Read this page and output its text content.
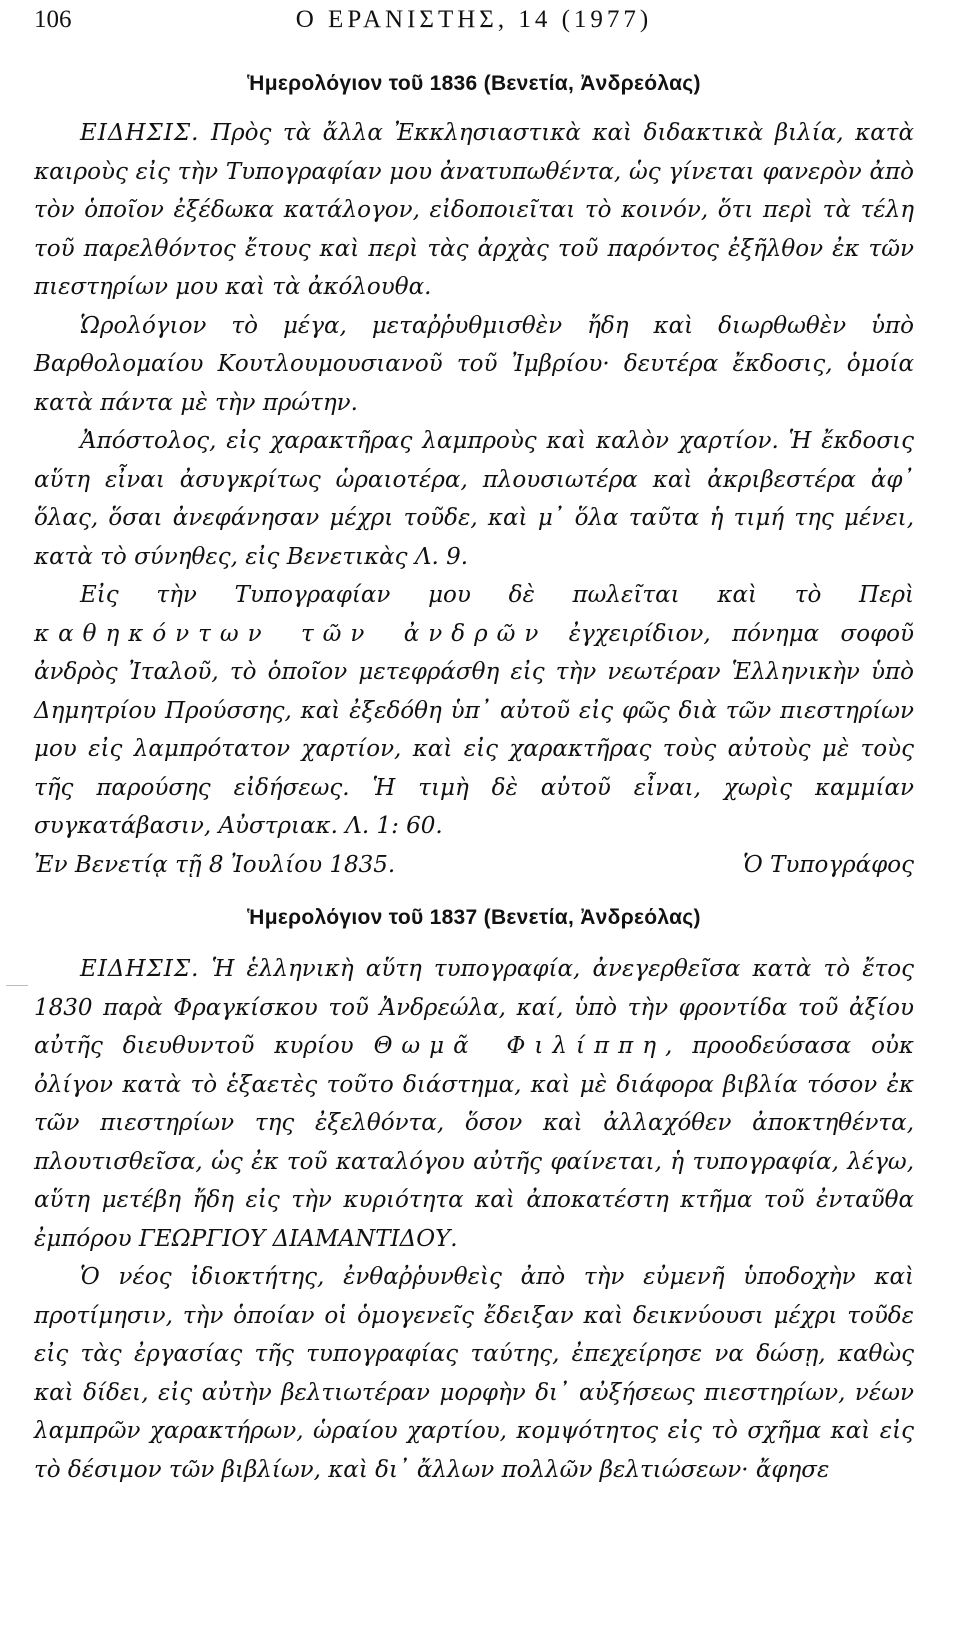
106	Ο ΕΡΑΝΙΣΤΗΣ, 14 (1977)
Ἡμερολόγιον τοῦ 1836 (Βενετία, Ἀνδρεόλας)

ΕΙΔΗΣΙΣ. Πρὸς τὰ ἄλλα Ἐκκλησιαστικὰ καὶ διδακτικὰ βιλία, κατὰ καιροὺς εἰς τὴν Τυπογραφίαν μου ἀνατυπωθέντα, ὡς γίνεται φανερὸν ἀπὸ τὸν ὁποῖον ἐξέδωκα κατάλογον, εἰδοποιεῖται τὸ κοινόν, ὅτι περὶ τὰ τέλη τοῦ παρελθόντος ἔτους καὶ περὶ τὰς ἀρχὰς τοῦ παρόντος ἐξῆλθον ἐκ τῶν πιεστηρίων μου καὶ τὰ ἀκόλουθα.

Ὡρολόγιον τὸ μέγα, μεταῤῥυθμισθὲν ἤδη καὶ διωρθωθὲν ὑπὸ Βαρθολομαίου Κουτλουμουσιανοῦ τοῦ Ἰμβρίου· δευτέρα ἔκδοσις, ὁμοία κατὰ πάντα μὲ τὴν πρώτην.

Ἀπόστολος, εἰς χαρακτῆρας λαμπροὺς καὶ καλὸν χαρτίον. Ἡ ἔκδοσις αὕτη εἶναι ἀσυγκρίτως ὡραιοτέρα, πλουσιωτέρα καὶ ἀκριβεστέρα ἀφ᾿ ὅλας, ὅσαι ἀνεφάνησαν μέχρι τοῦδε, καὶ μ᾿ ὅλα ταῦτα ἡ τιμή της μένει, κατὰ τὸ σύνηθες, εἰς Βενετικὰς Λ. 9.

Εἰς τὴν Τυπογραφίαν μου δὲ πωλεῖται καὶ τὸ Περὶ καθηκόντων τῶν ἀνδρῶν ἐγχειρίδιον, πόνημα σοφοῦ ἀνδρὸς Ἰταλοῦ, τὸ ὁποῖον μετεφράσθη εἰς τὴν νεωτέραν Ἑλληνικὴν ὑπὸ Δημητρίου Προύσσης, καὶ ἐξεδόθη ὑπ᾿ αὐτοῦ εἰς φῶς διὰ τῶν πιεστηρίων μου εἰς λαμπρότατον χαρτίον, καὶ εἰς χαρακτῆρας τοὺς αὐτοὺς μὲ τοὺς τῆς παρούσης εἰδήσεως. Ἡ τιμὴ δὲ αὐτοῦ εἶναι, χωρὶς καμμίαν συγκατάβασιν, Αὐστριακ. Λ. 1: 60.

Ἐν Βενετίᾳ τῇ 8 Ἰουλίου 1835.	Ὁ Τυπογράφος
Ἡμερολόγιον τοῦ 1837 (Βενετία, Ἀνδρεόλας)

ΕΙΔΗΣΙΣ. Ἡ ἑλληνικὴ αὕτη τυπογραφία, ἀνεγερθεῖσα κατὰ τὸ ἔτος 1830 παρὰ Φραγκίσκου τοῦ Ἀνδρεώλα, καί, ὑπὸ τὴν φροντίδα τοῦ ἀξίου αὐτῆς διευθυντοῦ κυρίου Θωμᾶ Φιλίππη, προοδεύσασα οὐκ ὀλίγον κατὰ τὸ ἑξαετὲς τοῦτο διάστημα, καὶ μὲ διάφορα βιβλία τόσον ἐκ τῶν πιεστηρίων της ἐξελθόντα, ὅσον καὶ ἀλλαχόθεν ἀποκτηθέντα, πλουτισθεῖσα, ὡς ἐκ τοῦ καταλόγου αὐτῆς φαίνεται, ἡ τυπογραφία, λέγω, αὕτη μετέβη ἤδη εἰς τὴν κυριότητα καὶ ἀποκατέστη κτῆμα τοῦ ἐνταῦθα ἐμπόρου ΓΕΩΡΓΙΟΥ ΔΙΑΜΑΝΤΙΔΟΥ.

Ὁ νέος ἰδιοκτήτης, ἐνθαῤῥυνθεὶς ἀπὸ τὴν εὐμενῆ ὑποδοχὴν καὶ προτίμησιν, τὴν ὁποίαν οἱ ὁμογενεῖς ἔδειξαν καὶ δεικνύουσι μέχρι τοῦδε εἰς τὰς ἐργασίας τῆς τυπογραφίας ταύτης, ἐπεχείρησε να δώσῃ, καθὼς καὶ δίδει, εἰς αὐτὴν βελτιωτέραν μορφὴν δι᾿ αὐξήσεως πιεστηρίων, νέων λαμπρῶν χαρακτήρων, ὡραίου χαρτίου, κομψότητος εἰς τὸ σχῆμα καὶ εἰς τὸ δέσιμον τῶν βιβλίων, καὶ δι᾿ ἄλλων πολλῶν βελτιώσεων· ἄφησε
